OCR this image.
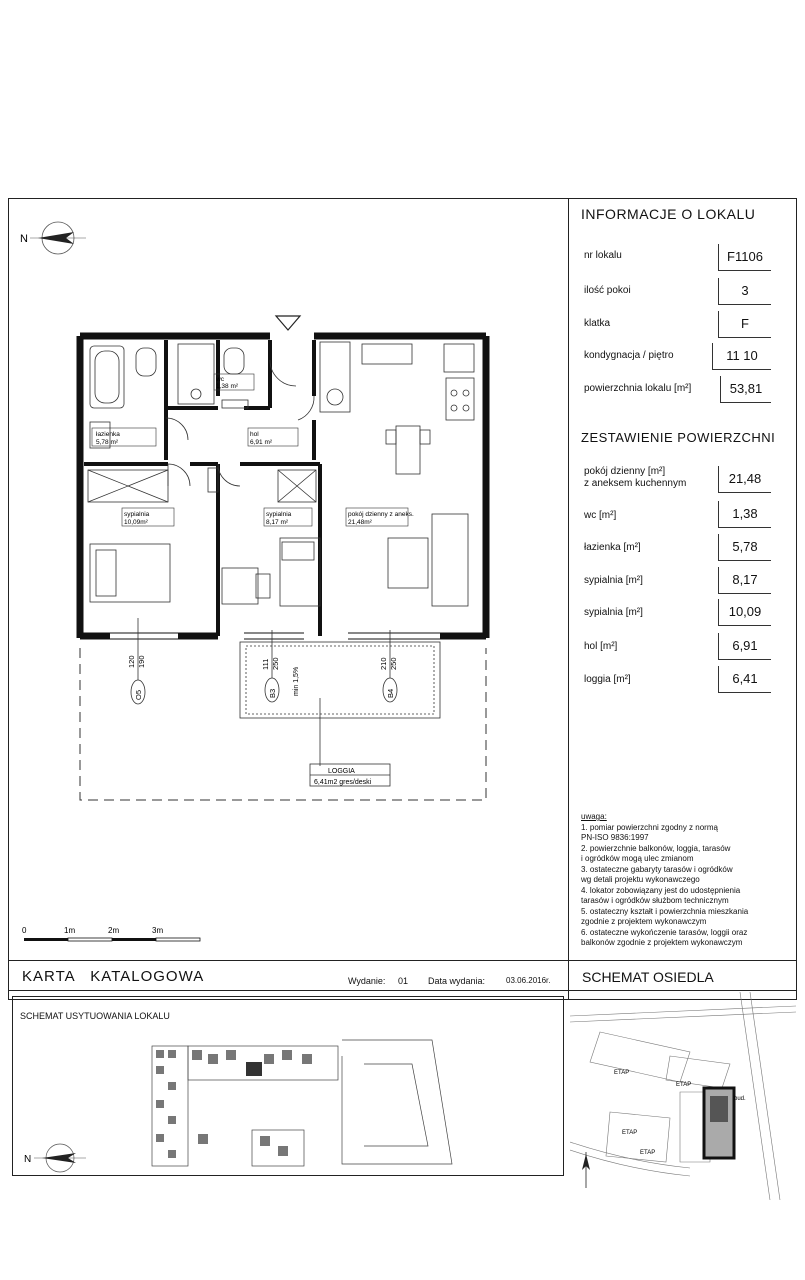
INFORMACJE O LOKALU
nr lokalu	F1106
ilość pokoi	3
klatka	F
kondygnacja / piętro	11 10
powierzchnia lokalu [m²]	53,81
ZESTAWIENIE POWIERZCHNI
pokój dzienny [m²]
z aneksem kuchennym	21,48
wc [m²]	1,38
łazienka [m²]	5,78
sypialnia [m²]	8,17
sypialnia [m²]	10,09
hol [m²]	6,91
loggia [m²]	6,41
uwaga:
1. pomiar powierzchni zgodny z normą
PN-ISO 9836:1997
2. powierzchnie balkonów, loggia, tarasów
i ogródków mogą ulec zmianom
3. ostateczne gabaryty tarasów i ogródków
wg detali projektu wykonawczego
4. lokator zobowiązany jest do udostępnienia
tarasów i ogródków służbom technicznym
5. ostateczny kształt i powierzchnia mieszkania
zgodnie z projektem wykonawczym
6. ostateczne wykończenie tarasów, loggii oraz
balkonów zgodnie z projektem wykonawczym
N
łazienka
5,78 m²
wc
1,38 m²
hol
6,91 m²
sypialnia
10,09m²
sypialnia
8,17 m²
pokój dzienny z aneks.
21,48m²
LOGGIA
6,41m2 gres/deski
min 1,5%
120 190	111 250	210 250
O5	B3	B4
0	1m	2m	3m
KARTA   KATALOGOWA	Wydanie: 01 Data wydania:	03.06.2016r. SCHEMAT OSIEDLA
SCHEMAT USYTUOWANIA LOKALU
N
ETAP
ETAP
ETAP
ETAP
bud.
